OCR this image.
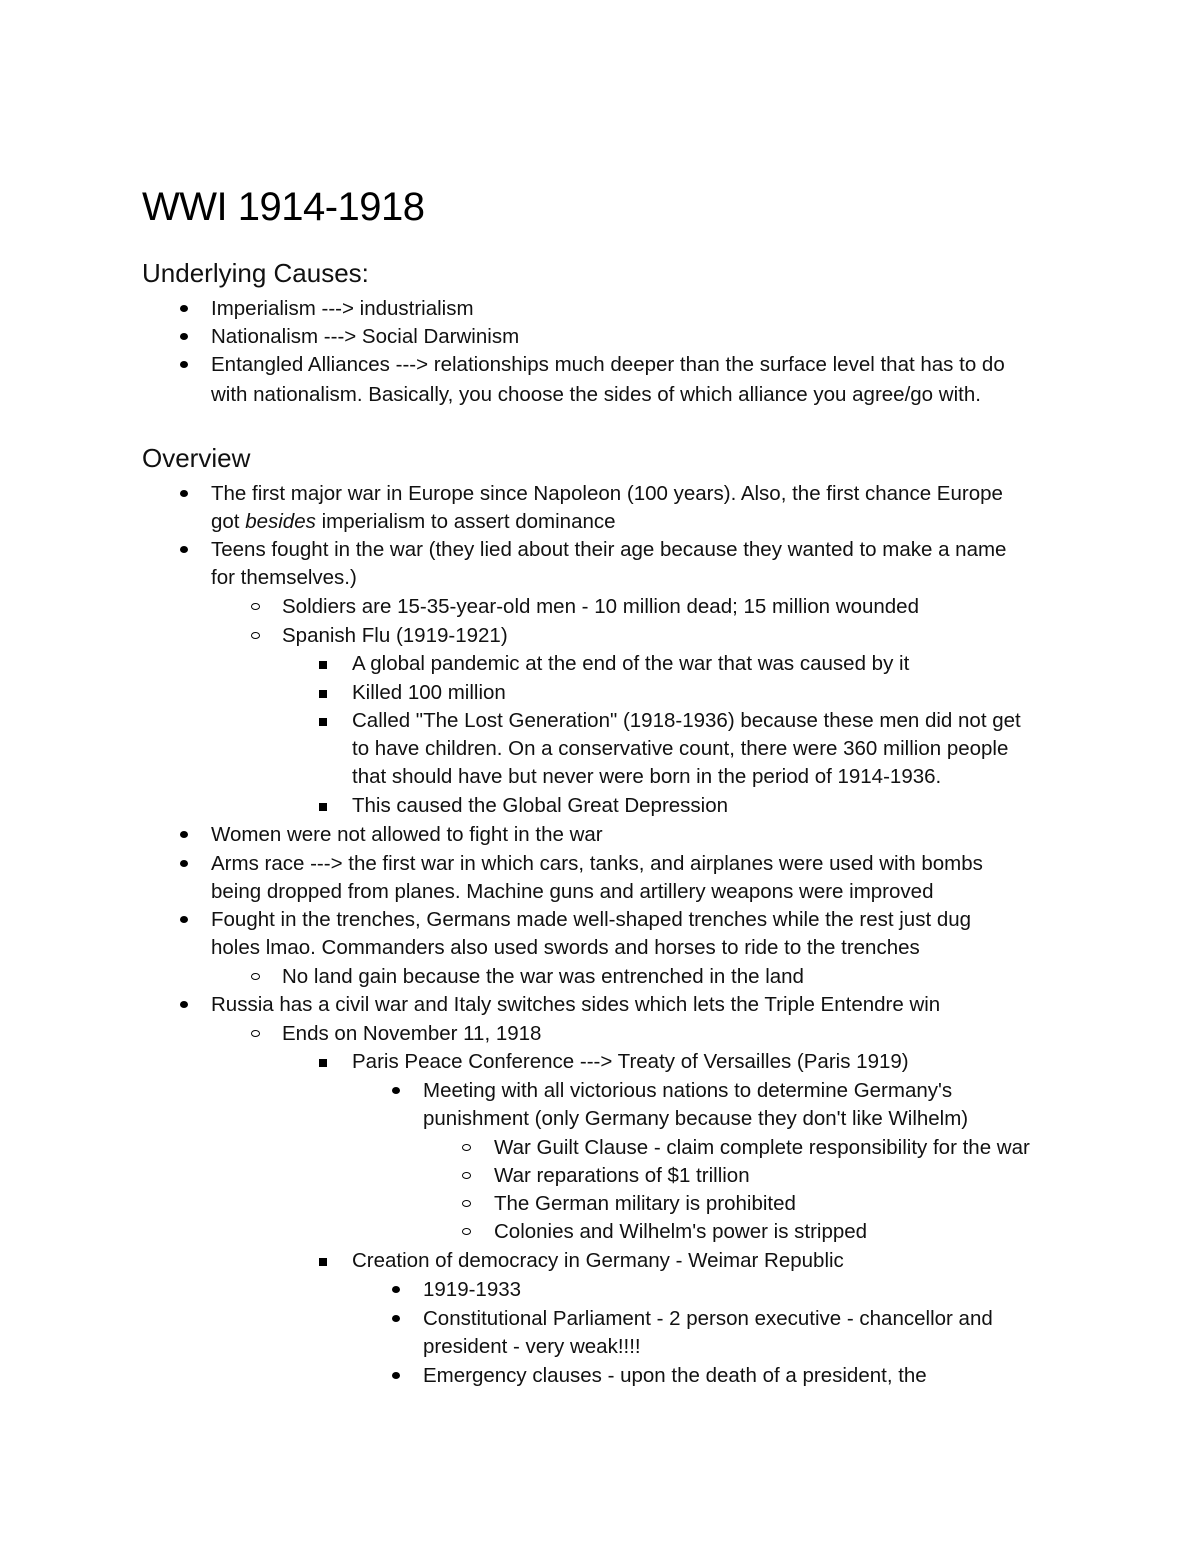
WWI 1914-1918
Underlying Causes:
Imperialism ---> industrialism
Nationalism ---> Social Darwinism
Entangled Alliances ---> relationships much deeper than the surface level that has to do
with nationalism. Basically, you choose the sides of which alliance you agree/go with.
Overview
The first major war in Europe since Napoleon (100 years). Also, the first chance Europe
got besides imperialism to assert dominance
Teens fought in the war (they lied about their age because they wanted to make a name
for themselves.)
Soldiers are 15-35-year-old men - 10 million dead; 15 million wounded
Spanish Flu (1919-1921)
A global pandemic at the end of the war that was caused by it
Killed 100 million
Called "The Lost Generation" (1918-1936) because these men did not get
to have children. On a conservative count, there were 360 million people
that should have but never were born in the period of 1914-1936.
This caused the Global Great Depression
Women were not allowed to fight in the war
Arms race ---> the first war in which cars, tanks, and airplanes were used with bombs
being dropped from planes. Machine guns and artillery weapons were improved
Fought in the trenches, Germans made well-shaped trenches while the rest just dug
holes lmao. Commanders also used swords and horses to ride to the trenches
No land gain because the war was entrenched in the land
Russia has a civil war and Italy switches sides which lets the Triple Entendre win
Ends on November 11, 1918
Paris Peace Conference ---> Treaty of Versailles (Paris 1919)
Meeting with all victorious nations to determine Germany's
punishment (only Germany because they don't like Wilhelm)
War Guilt Clause - claim complete responsibility for the war
War reparations of $1 trillion
The German military is prohibited
Colonies and Wilhelm's power is stripped
Creation of democracy in Germany - Weimar Republic
1919-1933
Constitutional Parliament - 2 person executive - chancellor and
president - very weak!!!!
Emergency clauses - upon the death of a president, the
